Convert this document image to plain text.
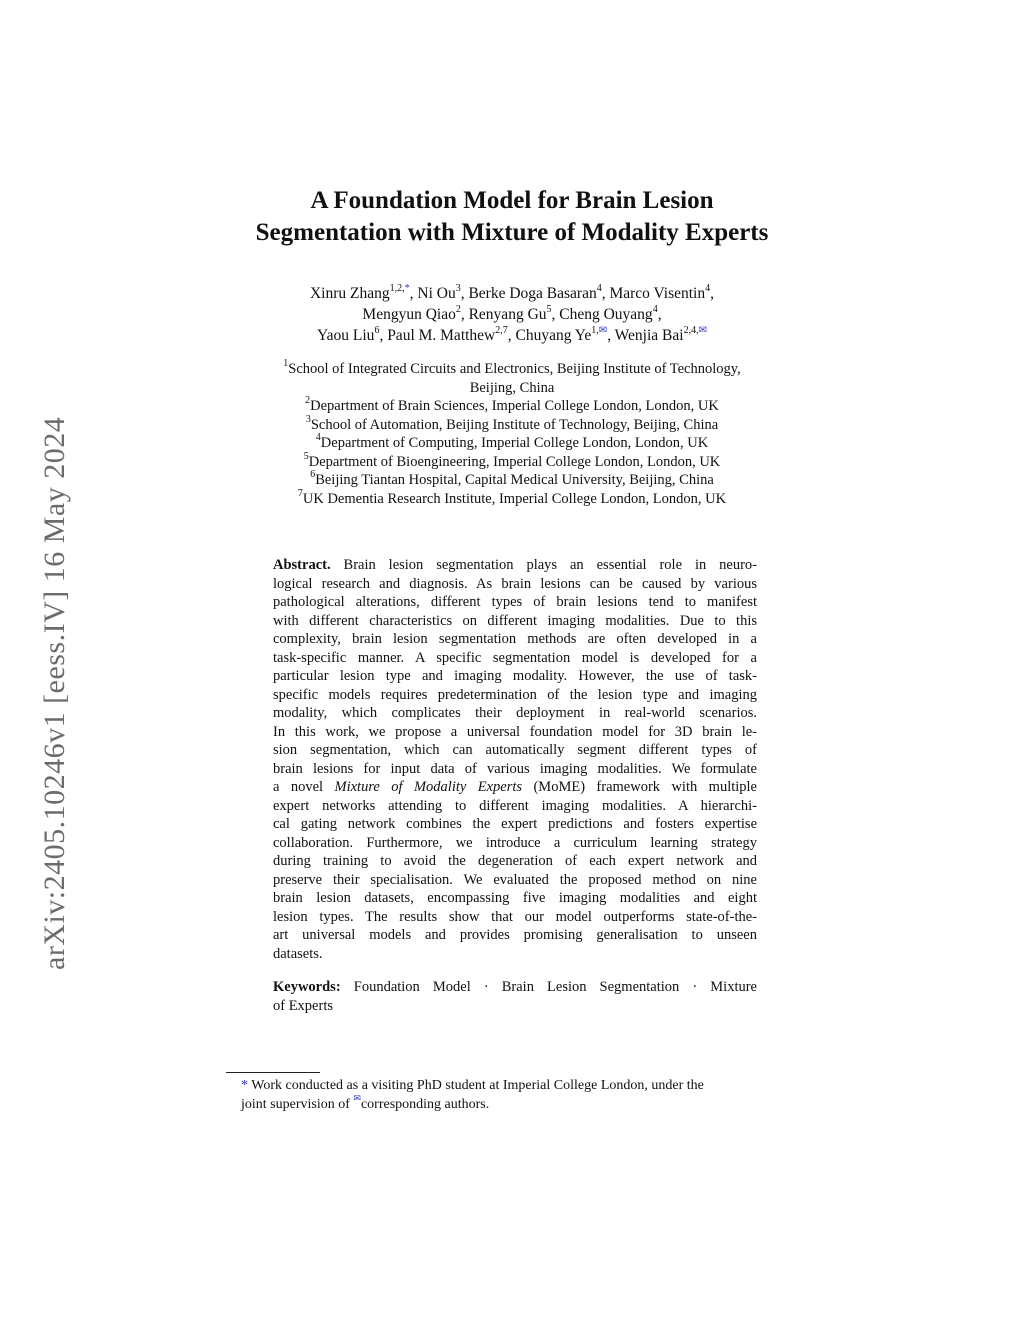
arXiv:2405.10246v1 [eess.IV] 16 May 2024
A Foundation Model for Brain Lesion
Segmentation with Mixture of Modality Experts
Xinru Zhang$^{1,2,*}$, Ni Ou$^3$, Berke Doga Basaran$^4$, Marco Visentin$^4$,
Mengyun Qiao$^2$, Renyang Gu$^5$, Cheng Ouyang$^4$,
Yaou Liu$^6$, Paul M. Matthew$^{2,7}$, Chuyang $Ye^{1,✉}$, Wenjia Bai$^{2,4,✉}$
$^1$School of Integrated Circuits and Electronics, Beijing Institute of Technology,
Beijing, China
$^2$Department of Brain Sciences, Imperial College London, London, UK
$^3$School of Automation, Beijing Institute of Technology, Beijing, China
$^4$Department of Computing, Imperial College London, London, UK
$^5$Department of Bioengineering, Imperial College London, London, UK
$^6$Beijing Tiantan Hospital, Capital Medical University, Beijing, China
$^7$UK Dementia Research Institute, Imperial College London, London, UK
Abstract. Brain lesion segmentation plays an essential role in neuro-
logical research and diagnosis. As brain lesions can be caused by various
pathological alterations, different types of brain lesions tend to manifest
with different characteristics on different imaging modalities. Due to this
complexity, brain lesion segmentation methods are often developed in a
task-specific manner. A specific segmentation model is developed for a
particular lesion type and imaging modality. However, the use of task-
specific models requires predetermination of the lesion type and imaging
modality, which complicates their deployment in real-world scenarios.
In this work, we propose a universal foundation model for 3D brain le-
sion segmentation, which can automatically segment different types of
brain lesions for input data of various imaging modalities. We formulate
a novel Mixture of Modality Experts (MoME) framework with multiple
expert networks attending to different imaging modalities. A hierarchi-
cal gating network combines the expert predictions and fosters expertise
collaboration. Furthermore, we introduce a curriculum learning strategy
during training to avoid the degeneration of each expert network and
preserve their specialisation. We evaluated the proposed method on nine
brain lesion datasets, encompassing five imaging modalities and eight
lesion types. The results show that our model outperforms state-of-the-
art universal models and provides promising generalisation to unseen
datasets.
Keywords: Foundation Model · Brain Lesion Segmentation · Mixture
of Experts
* Work conducted as a visiting PhD student at Imperial College London, under the
joint supervision of ✉corresponding authors.
